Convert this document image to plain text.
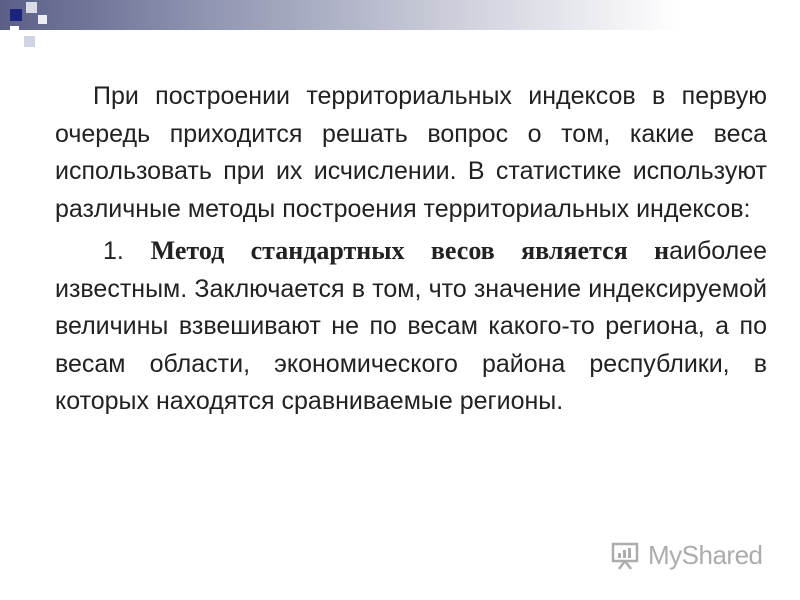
При построении территориальных индексов в первую очередь приходится решать вопрос о том, какие веса использовать при их исчислении. В статистике используют различные методы построения территориальных индексов:

1. Метод стандартных весов является наиболее известным. Заключается в том, что значение индексируемой величины взвешивают не по весам какого-то региона, а по весам области, экономического района республики, в которых находятся сравниваемые регионы.

MyShared
